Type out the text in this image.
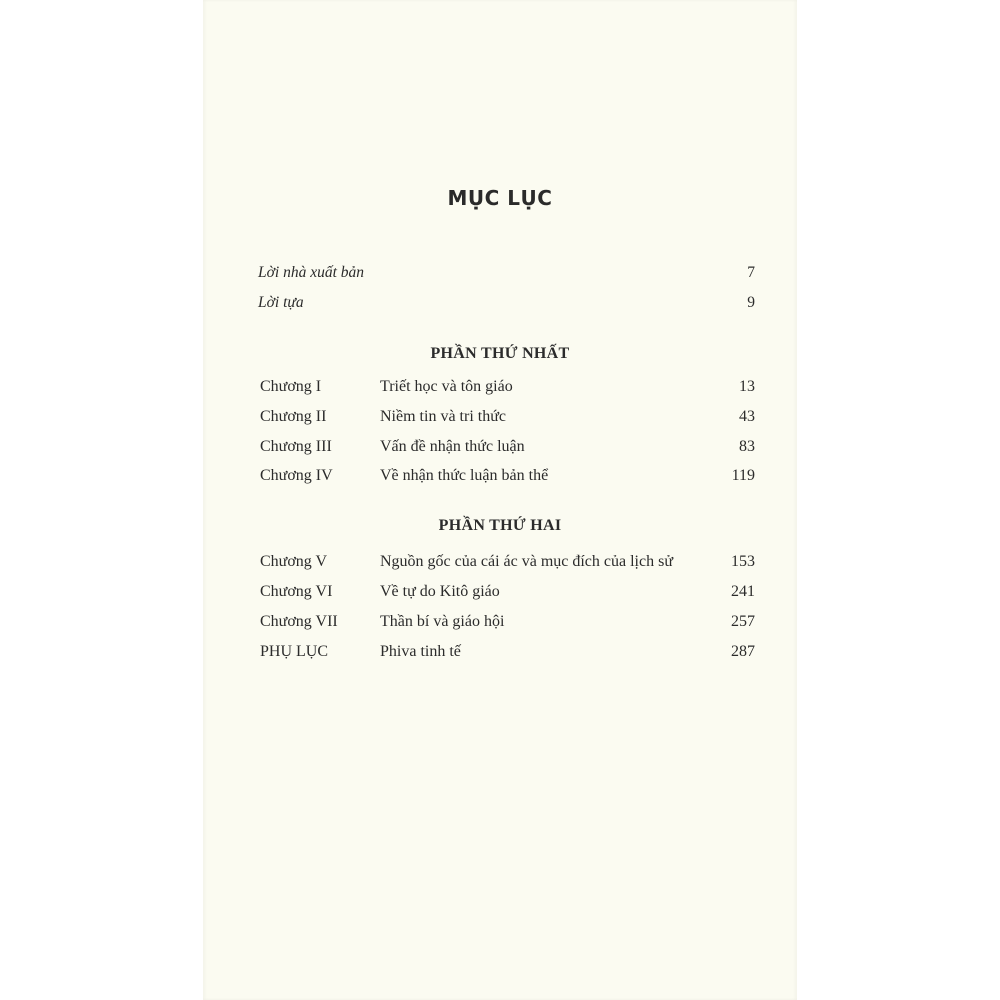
MỤC LỤC
Lời nhà xuất bản	7
Lời tựa	9
PHẦN THỨ NHẤT
Chương I	Triết học và tôn giáo	13
Chương II	Niềm tin và tri thức	43
Chương III	Vấn đề nhận thức luận	83
Chương IV	Về nhận thức luận bản thể	119
PHẦN THỨ HAI
Chương V	Nguồn gốc của cái ác và mục đích của lịch sử	153
Chương VI	Về tự do Kitô giáo	241
Chương VII	Thần bí và giáo hội	257
PHỤ LỤC	Phiva tinh tế	287
